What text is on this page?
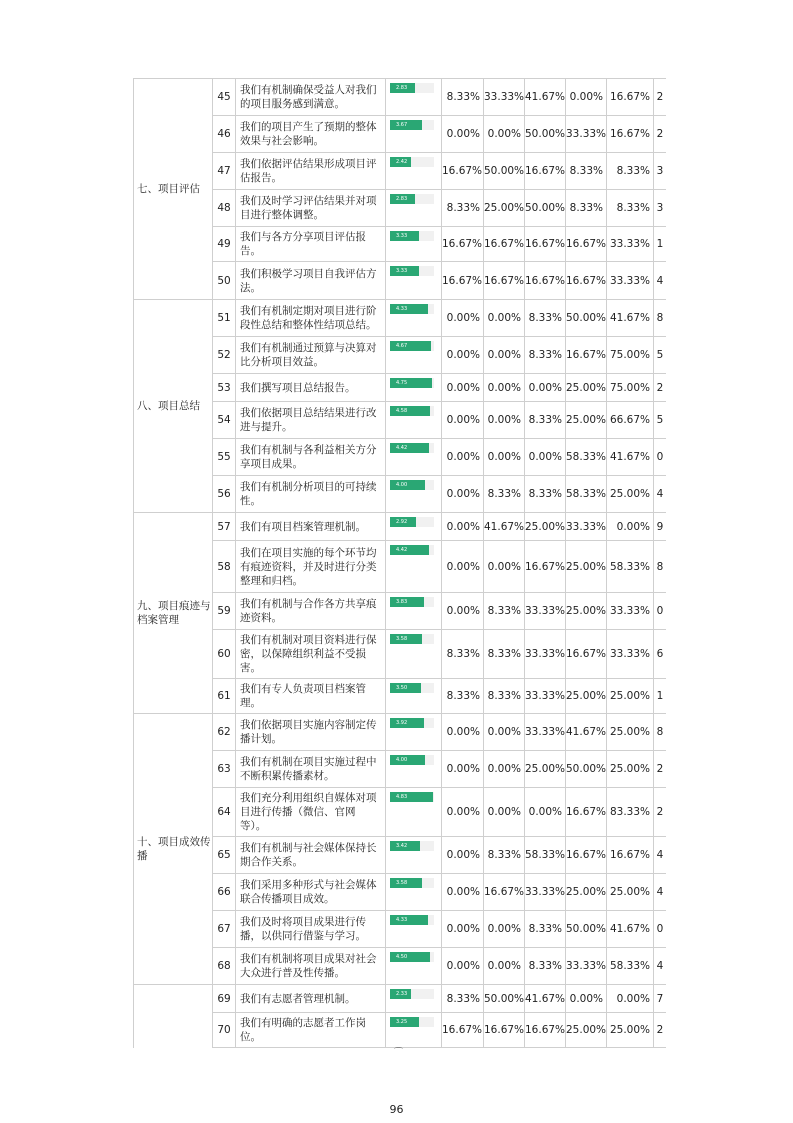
七、项目评估	45	我们有机制确保受益人对我们的项目服务感到满意。	2.83	8.33%	33.33%	41.67%	0.00%	16.67%	2
	46	我们的项目产生了预期的整体效果与社会影响。	3.67	0.00%	0.00%	50.00%	33.33%	16.67%	2
	47	我们依据评估结果形成项目评估报告。	2.42	16.67%	50.00%	16.67%	8.33%	8.33%	3
	48	我们及时学习评估结果并对项目进行整体调整。	2.83	8.33%	25.00%	50.00%	8.33%	8.33%	3
	49	我们与各方分享项目评估报告。	3.33	16.67%	16.67%	16.67%	16.67%	33.33%	1
	50	我们积极学习项目自我评估方法。	3.33	16.67%	16.67%	16.67%	16.67%	33.33%	4
八、项目总结	51	我们有机制定期对项目进行阶段性总结和整体性结项总结。	4.33	0.00%	0.00%	8.33%	50.00%	41.67%	8
	52	我们有机制通过预算与决算对比分析项目效益。	4.67	0.00%	0.00%	8.33%	16.67%	75.00%	5
	53	我们撰写项目总结报告。	4.75	0.00%	0.00%	0.00%	25.00%	75.00%	2
	54	我们依据项目总结结果进行改进与提升。	4.58	0.00%	0.00%	8.33%	25.00%	66.67%	5
	55	我们有机制与各利益相关方分享项目成果。	4.42	0.00%	0.00%	0.00%	58.33%	41.67%	0
	56	我们有机制分析项目的可持续性。	4.00	0.00%	8.33%	8.33%	58.33%	25.00%	4
九、项目痕迹与档案管理	57	我们有项目档案管理机制。	2.92	0.00%	41.67%	25.00%	33.33%	0.00%	9
	58	我们在项目实施的每个环节均有痕迹资料，并及时进行分类整理和归档。	4.42	0.00%	0.00%	16.67%	25.00%	58.33%	8
	59	我们有机制与合作各方共享痕迹资料。	3.83	0.00%	8.33%	33.33%	25.00%	33.33%	0
	60	我们有机制对项目资料进行保密，以保障组织利益不受损害。	3.58	8.33%	8.33%	33.33%	16.67%	33.33%	6
	61	我们有专人负责项目档案管理。	3.50	8.33%	8.33%	33.33%	25.00%	25.00%	1
十、项目成效传播	62	我们依据项目实施内容制定传播计划。	3.92	0.00%	0.00%	33.33%	41.67%	25.00%	8
	63	我们有机制在项目实施过程中不断积累传播素材。	4.00	0.00%	0.00%	25.00%	50.00%	25.00%	2
	64	我们充分利用组织自媒体对项目进行传播（微信、官网等）。	4.83	0.00%	0.00%	0.00%	16.67%	83.33%	2
	65	我们有机制与社会媒体保持长期合作关系。	3.42	0.00%	8.33%	58.33%	16.67%	16.67%	4
	66	我们采用多种形式与社会媒体联合传播项目成效。	3.58	0.00%	16.67%	33.33%	25.00%	25.00%	4
	67	我们及时将项目成果进行传播，以供同行借鉴与学习。	4.33	0.00%	0.00%	8.33%	50.00%	41.67%	0
	68	我们有机制将项目成果对社会大众进行普及性传播。	4.50	0.00%	0.00%	8.33%	33.33%	58.33%	4
	69	我们有志愿者管理机制。	2.33	8.33%	50.00%	41.67%	0.00%	0.00%	7
	70	我们有明确的志愿者工作岗位。	3.25	16.67%	16.67%	16.67%	25.00%	25.00%	2

⌒
96
